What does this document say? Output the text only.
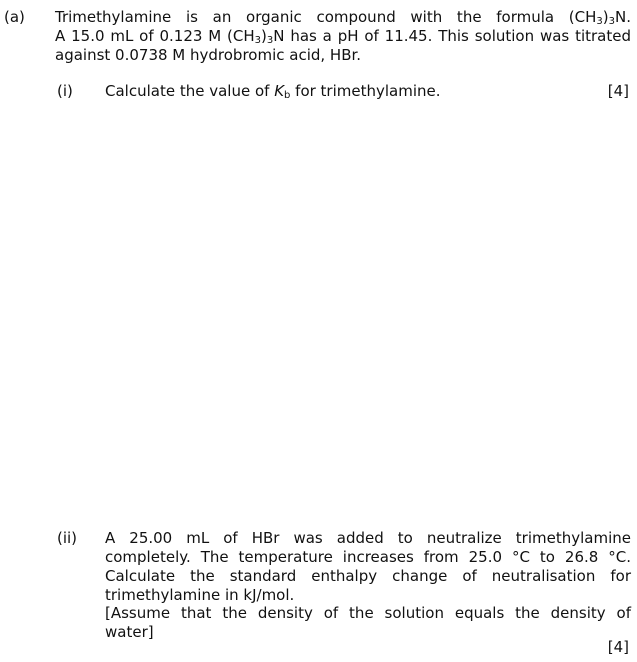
(a) Trimethylamine is an organic compound with the formula $(CH_3)_3N$.
A 15.0 mL of 0.123 M $(CH_3)_3N$ has a pH of 11.45. This solution was titrated
against 0.0738 M hydrobromic acid, HBr.
(i) Calculate the value of $K_b$ for trimethylamine.	[4]
(ii) A 25.00 mL of HBr was added to neutralize trimethylamine
completely. The temperature increases from 25.0 °C to 26.8 °C.
Calculate the standard enthalpy change of neutralisation for
trimethylamine in kJ/mol.
[Assume that the density of the solution equals the density of
water]
[4]
